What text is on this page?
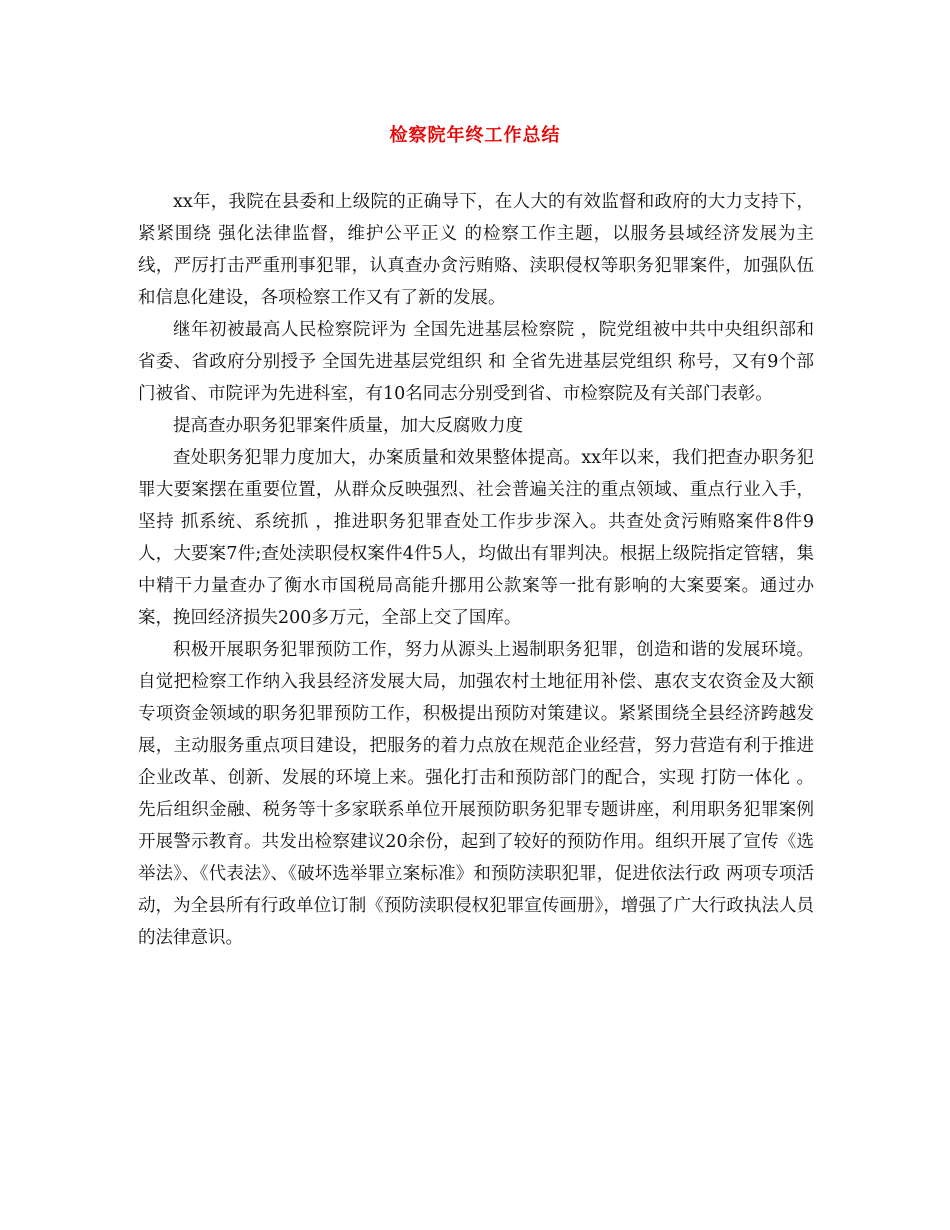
检察院年终工作总结

xx年，我院在县委和上级院的正确导下，在人大的有效监督和政府的大力支持下，紧紧围绕 强化法律监督，维护公平正义 的检察工作主题，以服务县域经济发展为主线，严厉打击严重刑事犯罪，认真查办贪污贿赂、渎职侵权等职务犯罪案件，加强队伍和信息化建设，各项检察工作又有了新的发展。

继年初被最高人民检察院评为 全国先进基层检察院 ，院党组被中共中央组织部和省委、省政府分别授予 全国先进基层党组织 和 全省先进基层党组织 称号，又有9个部门被省、市院评为先进科室，有10名同志分别受到省、市检察院及有关部门表彰。

提高查办职务犯罪案件质量，加大反腐败力度

查处职务犯罪力度加大，办案质量和效果整体提高。xx年以来，我们把查办职务犯罪大要案摆在重要位置，从群众反映强烈、社会普遍关注的重点领域、重点行业入手，坚持 抓系统、系统抓 ，推进职务犯罪查处工作步步深入。共查处贪污贿赂案件8件9人，大要案7件;查处渎职侵权案件4件5人，均做出有罪判决。根据上级院指定管辖，集中精干力量查办了衡水市国税局高能升挪用公款案等一批有影响的大案要案。通过办案，挽回经济损失200多万元，全部上交了国库。

积极开展职务犯罪预防工作，努力从源头上遏制职务犯罪，创造和谐的发展环境。自觉把检察工作纳入我县经济发展大局，加强农村土地征用补偿、惠农支农资金及大额专项资金领域的职务犯罪预防工作，积极提出预防对策建议。紧紧围绕全县经济跨越发展，主动服务重点项目建设，把服务的着力点放在规范企业经营，努力营造有利于推进企业改革、创新、发展的环境上来。强化打击和预防部门的配合，实现 打防一体化 。先后组织金融、税务等十多家联系单位开展预防职务犯罪专题讲座，利用职务犯罪案例开展警示教育。共发出检察建议20余份，起到了较好的预防作用。组织开展了宣传《选举法》、《代表法》、《破坏选举罪立案标准》和预防渎职犯罪，促进依法行政 两项专项活动，为全县所有行政单位订制《预防渎职侵权犯罪宣传画册》，增强了广大行政执法人员的法律意识。
